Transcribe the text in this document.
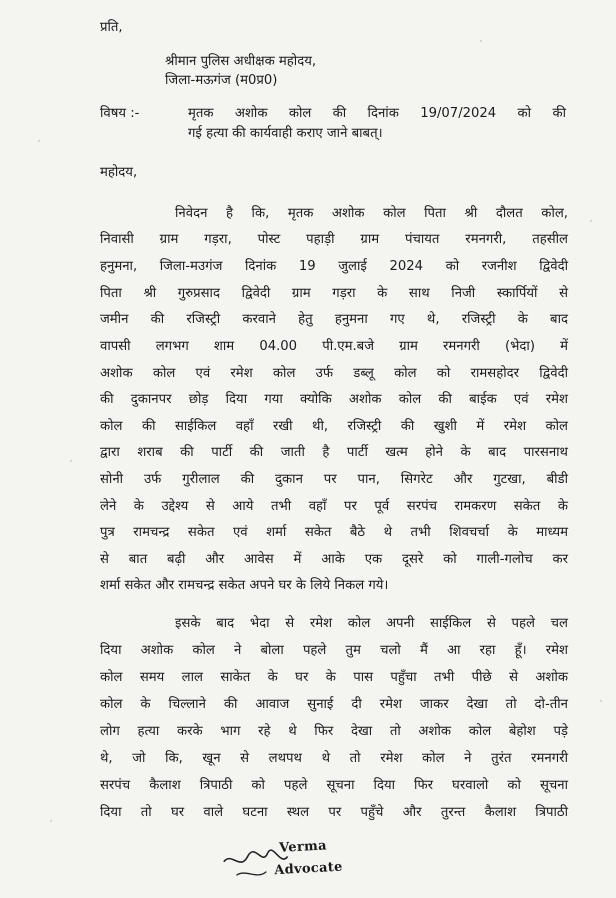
प्रति,
श्रीमान पुलिस अधीक्षक महोदय,
जिला-मऊगंज (म0प्र0)
विषय :-	मृतक अशोक कोल की दिनांक 19/07/2024 को की
गई हत्या की कार्यवाही कराए जाने बाबत्।
महोदय,
निवेदन है कि, मृतक अशोक कोल पिता श्री दौलत कोल,
निवासी ग्राम गड़रा, पोस्ट पहाड़ी ग्राम पंचायत रमनगरी, तहसील
हनुमना, जिला-मउगंज दिनांक 19 जुलाई 2024 को रजनीश द्विवेदी
पिता श्री गुरुप्रसाद द्विवेदी ग्राम गड़रा के साथ निजी स्कार्पियों से
जमीन की रजिस्ट्री करवाने हेतु हनुमना गए थे, रजिस्ट्री के बाद
वापसी लगभग शाम 04.00 पी.एम.बजे ग्राम रमनगरी (भेदा) में
अशोक कोल एवं रमेश कोल उर्फ डब्लू कोल को रामसहोदर द्विवेदी
की दुकानपर छोड़ दिया गया क्योकि अशोक कोल की बाईक एवं रमेश
कोल की साईकिल वहाँ रखी थी, रजिस्ट्री की खुशी में रमेश कोल
द्वारा शराब की पार्टी की जाती है पार्टी खत्म होने के बाद पारसनाथ
सोनी उर्फ गुरीलाल की दुकान पर पान, सिगरेट और गुटखा, बीडी
लेने के उद्देश्य से आये तभी वहाँ पर पूर्व सरपंच रामकरण सकेत के
पुत्र रामचन्द्र सकेत एवं शर्मा सकेत बैठे थे तभी शिवचर्चा के माध्यम
से बात बढ़ी और आवेस में आके एक दूसरे को गाली-गलोच कर
शर्मा सकेत और रामचन्द्र सकेत अपने घर के लिये निकल गये।
इसके बाद भेदा से रमेश कोल अपनी साईकिल से पहले चल
दिया अशोक कोल ने बोला पहले तुम चलो मैं आ रहा हूँ। रमेश
कोल समय लाल साकेत के घर के पास पहुँचा तभी पीछे से अशोक
कोल के चिल्लाने की आवाज सुनाई दी रमेश जाकर देखा तो दो-तीन
लोग हत्या करके भाग रहे थे फिर देखा तो अशोक कोल बेहोश पड़े
थे, जो कि, खून से लथपथ थे तो रमेश कोल ने तुरंत रमनगरी
सरपंच कैलाश त्रिपाठी को पहले सूचना दिया फिर घरवालो को सूचना
दिया तो घर वाले घटना स्थल पर पहुँचे और तुरन्त कैलाश त्रिपाठी
Verma
Advocate
